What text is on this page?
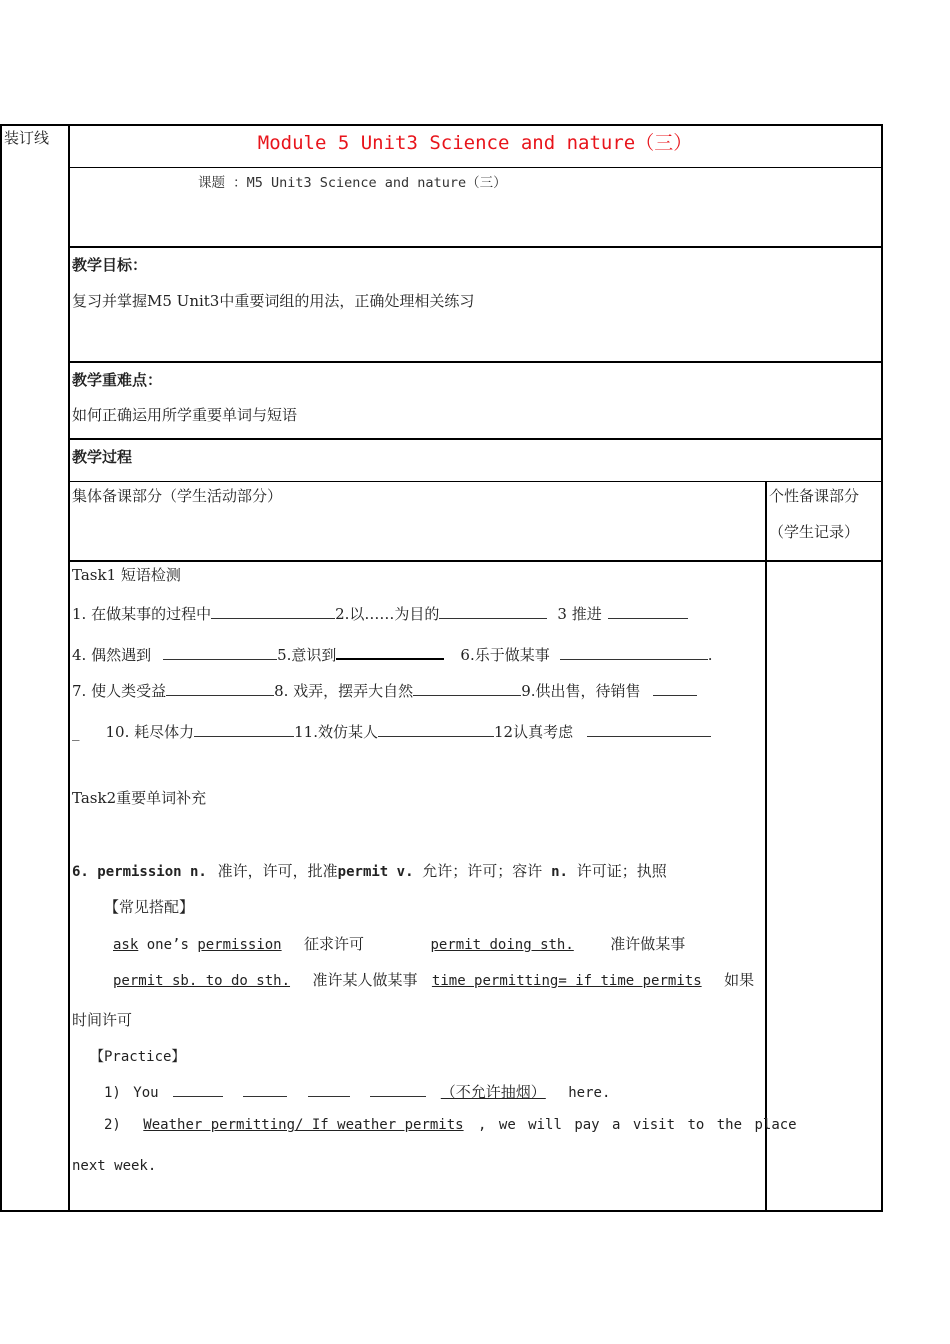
装订线	Module 5 Unit3 Science and nature（三）
课题 ：M5 Unit3 Science and nature（三）
教学目标：
复习并掌握M5 Unit3中重要词组的用法，正确处理相关练习
教学重难点：
如何正确运用所学重要单词与短语
教学过程
集体备课部分（学生活动部分）	个性备课部分
（学生记录）
Task1 短语检测
1. 在做某事的过程中	2.以……为目的	3 推进
4. 偶然遇到	5.意识到	6.乐于做某事	.
7. 使人类受益	8. 戏弄，摆弄大自然	9.供出售，待销售
_ 10. 耗尽体力	11.效仿某人	12认真考虑
Task2重要单词补充
6. permission n. 准许，许可，批准permit v. 允许；许可；容许 n. 许可证；执照
【常见搭配】
ask one’s permission 征求许可	permit doing sth. 准许做某事
permit sb. to do sth. 准许某人做某事 time permitting= if time permits 如果
时间许可
【Practice】
1) You	（不允许抽烟） here.
2) Weather permitting/ If weather permits , we will pay a visit to the place
next week.
